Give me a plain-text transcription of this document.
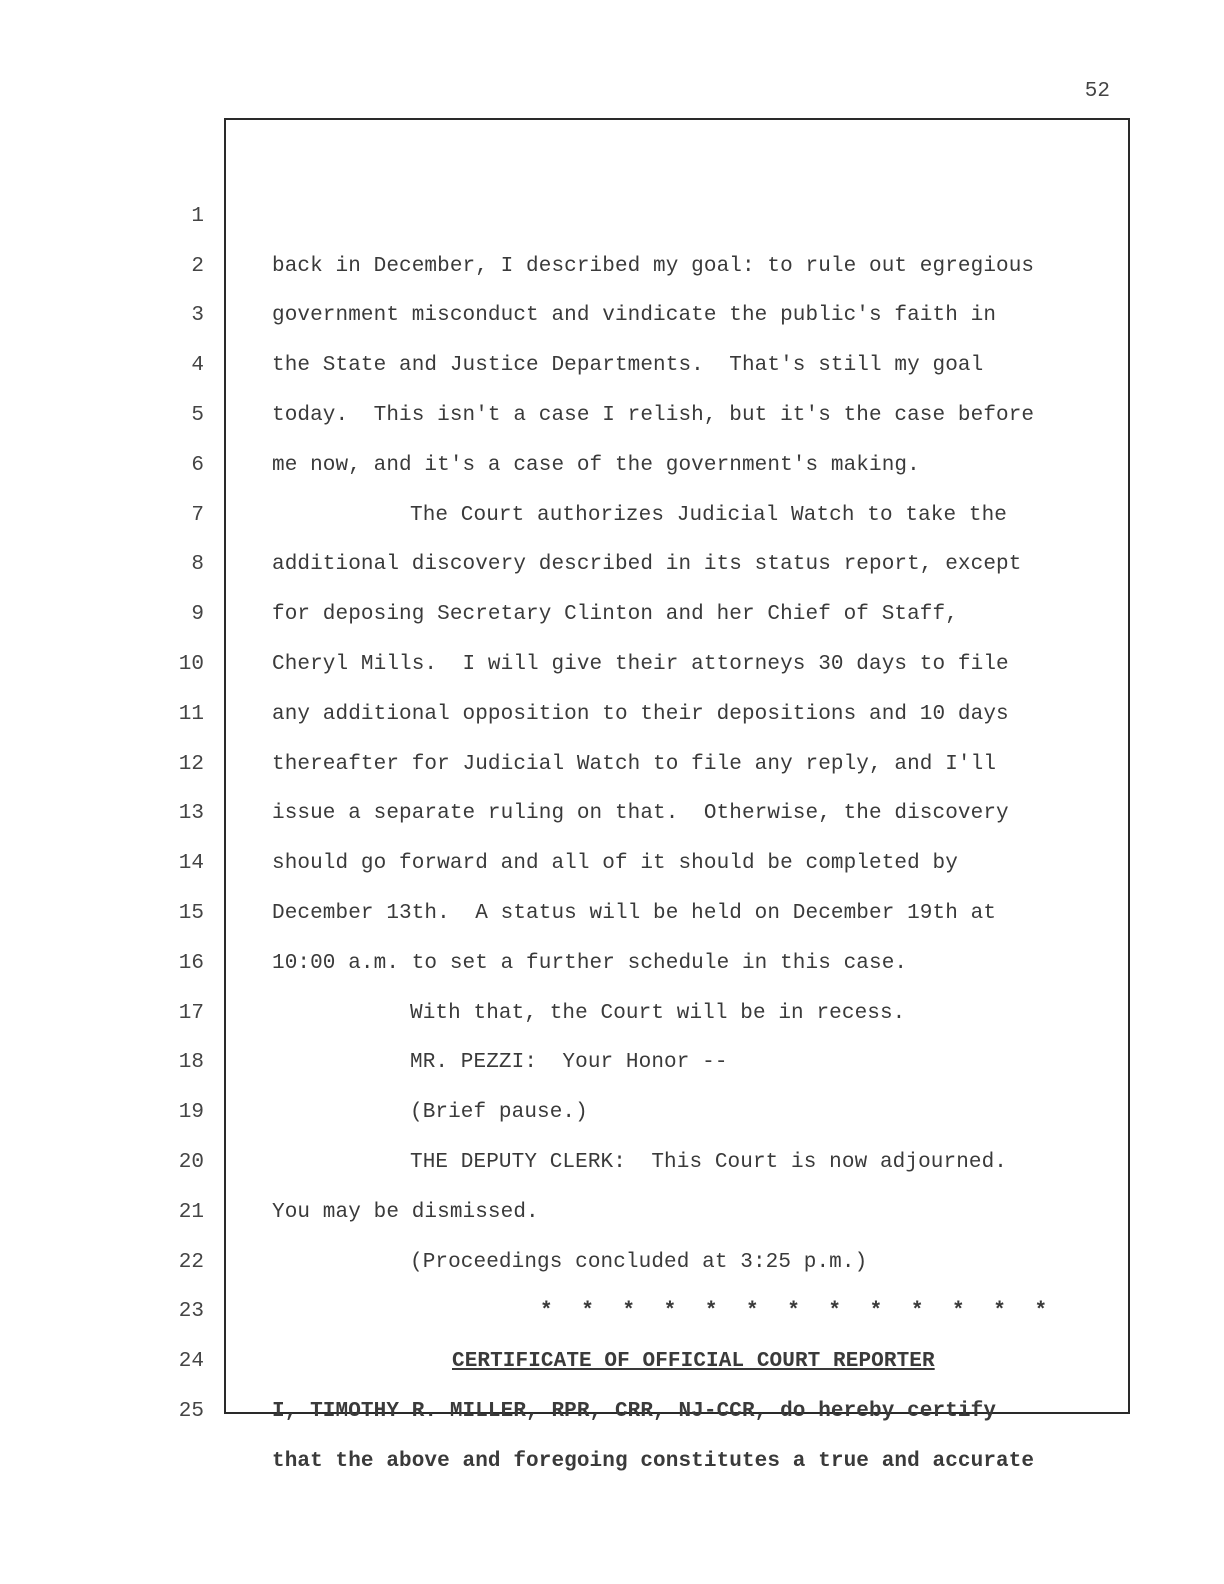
52

1

back in December, I described my goal: to rule out egregious

2

government misconduct and vindicate the public's faith in

3

the State and Justice Departments.  That's still my goal

4

today.  This isn't a case I relish, but it's the case before

5

me now, and it's a case of the government's making.

6

The Court authorizes Judicial Watch to take the

7

additional discovery described in its status report, except

8

for deposing Secretary Clinton and her Chief of Staff,

9

Cheryl Mills.  I will give their attorneys 30 days to file

10

any additional opposition to their depositions and 10 days

11

thereafter for Judicial Watch to file any reply, and I'll

12

issue a separate ruling on that.  Otherwise, the discovery

13

should go forward and all of it should be completed by

14

December 13th.  A status will be held on December 19th at

15

10:00 a.m. to set a further schedule in this case.

16

With that, the Court will be in recess.

17

MR. PEZZI:  Your Honor --

18

(Brief pause.)

19

THE DEPUTY CLERK:  This Court is now adjourned.

20

You may be dismissed.

21

(Proceedings concluded at 3:25 p.m.)

22

* * * * * * * * * * * * *

23

CERTIFICATE OF OFFICIAL COURT REPORTER

24

I, TIMOTHY R. MILLER, RPR, CRR, NJ-CCR, do hereby certify

25

that the above and foregoing constitutes a true and accurate
